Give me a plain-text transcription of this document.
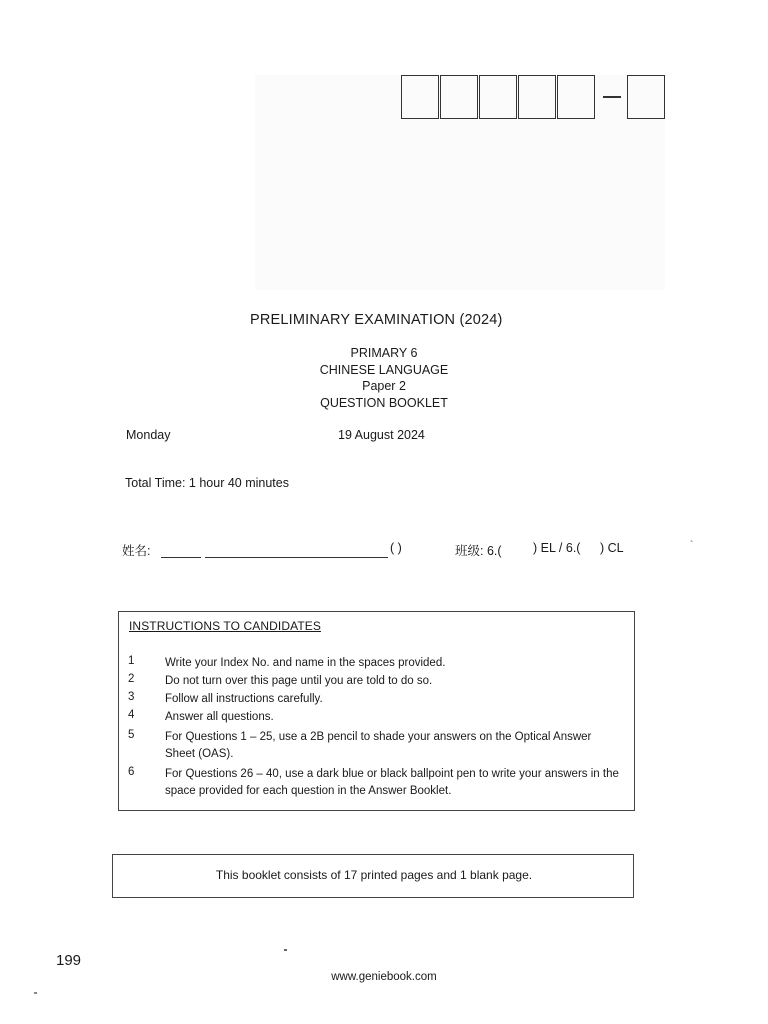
PRELIMINARY EXAMINATION (2024)
PRIMARY 6
CHINESE LANGUAGE
Paper 2
QUESTION BOOKLET
Monday	19 August 2024
Total Time: 1 hour 40 minutes
姓名:	( )	班级: 6.(	) EL / 6.( ) CL	`
INSTRUCTIONS TO CANDIDATES
1	Write your Index No. and name in the spaces provided.
2	Do not turn over this page until you are told to do so.
3	Follow all instructions carefully.
4	Answer all questions.
5	For Questions 1 – 25, use a 2B pencil to shade your answers on the Optical Answer Sheet (OAS).
6	For Questions 26 – 40, use a dark blue or black ballpoint pen to write your answers in the space provided for each question in the Answer Booklet.
This booklet consists of 17 printed pages and 1 blank page.
199
www.geniebook.com
